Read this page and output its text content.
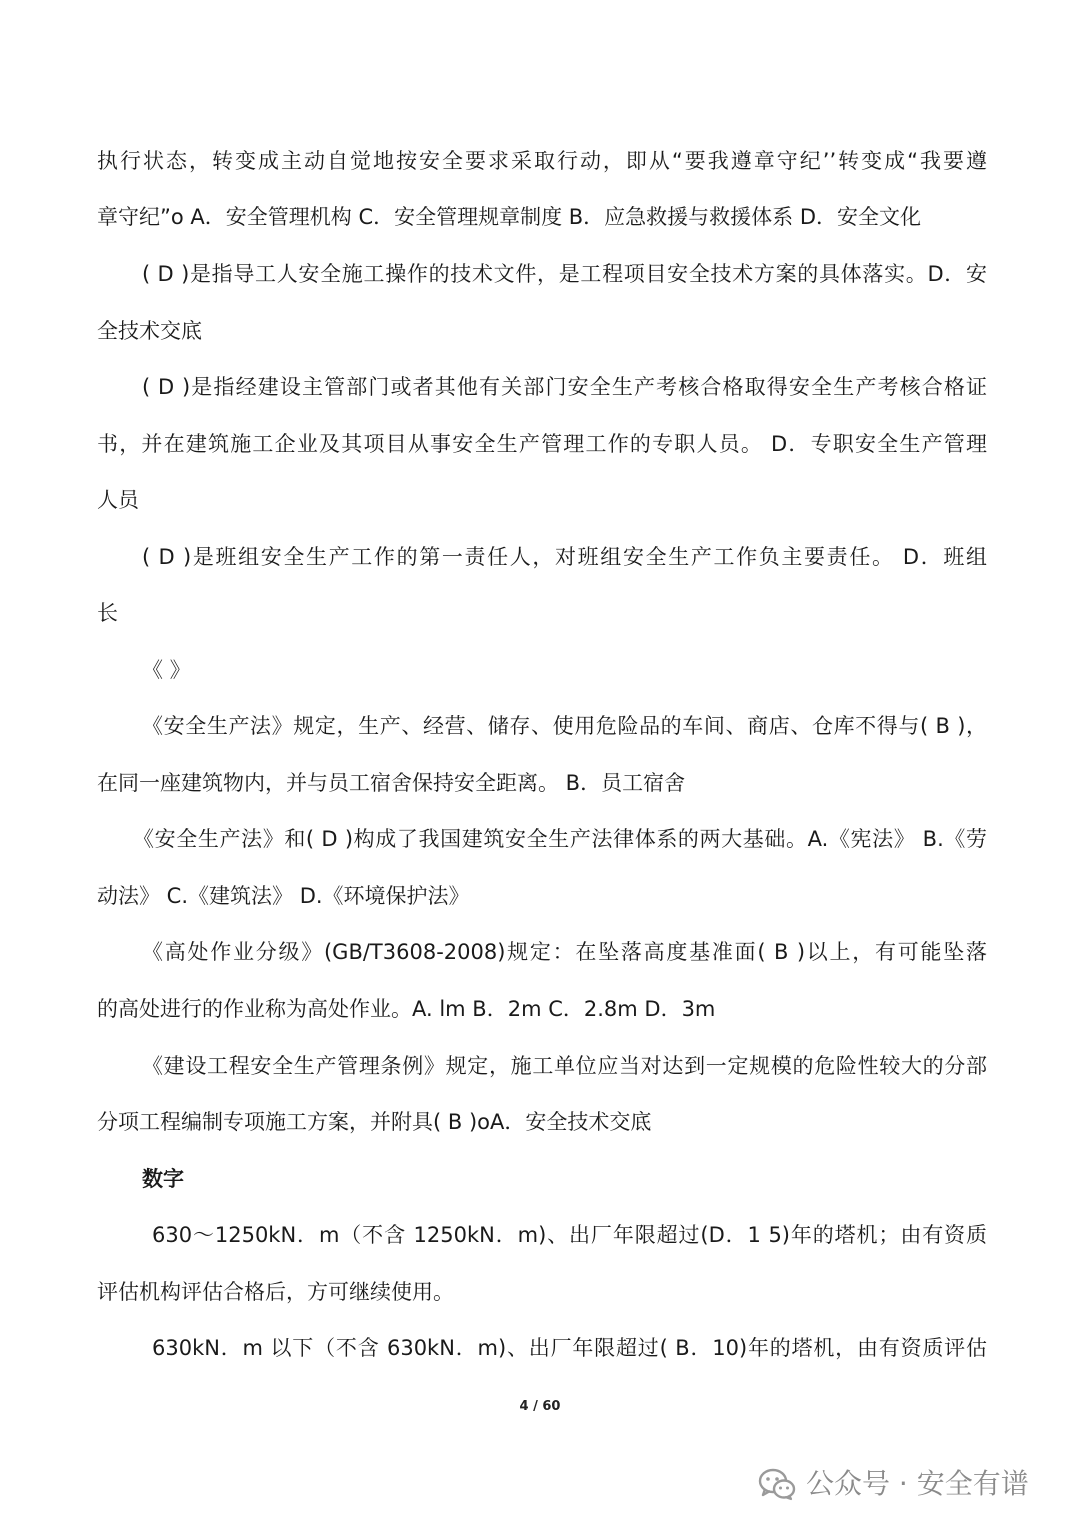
执行状态，转变成主动自觉地按安全要求采取行动，即从“要我遵章守纪’’转变成“我要遵
章守纪”o A．安全管理机构 C．安全管理规章制度 B．应急救援与救援体系 D．安全文化
( D )是指导工人安全施工操作的技术文件，是工程项目安全技术方案的具体落实。D．安
全技术交底
( D )是指经建设主管部门或者其他有关部门安全生产考核合格取得安全生产考核合格证
书，并在建筑施工企业及其项目从事安全生产管理工作的专职人员。 D．专职安全生产管理
人员
( D )是班组安全生产工作的第一责任人，对班组安全生产工作负主要责任。 D．班组
长
《 》
《安全生产法》规定，生产、经营、储存、使用危险品的车间、商店、仓库不得与( B )，
在同一座建筑物内，并与员工宿舍保持安全距离。 B．员工宿舍
《安全生产法》和( D )构成了我国建筑安全生产法律体系的两大基础。A.《宪法》 B.《劳
动法》 C.《建筑法》 D.《环境保护法》
《高处作业分级》(GB/T3608-2008)规定：在坠落高度基准面( B )以上，有可能坠落
的高处进行的作业称为高处作业。A. lm B．2m C．2.8m D．3m
《建设工程安全生产管理条例》规定，施工单位应当对达到一定规模的危险性较大的分部
分项工程编制专项施工方案，并附具( B )oA．安全技术交底
数字
630～1250kN．m（不含 1250kN．m)、出厂年限超过(D．1 5)年的塔机；由有资质
评估机构评估合格后，方可继续使用。
630kN．m 以下（不含 630kN．m)、出厂年限超过( B．10)年的塔机，由有资质评估
4 / 60
公众号 · 安全有谱
